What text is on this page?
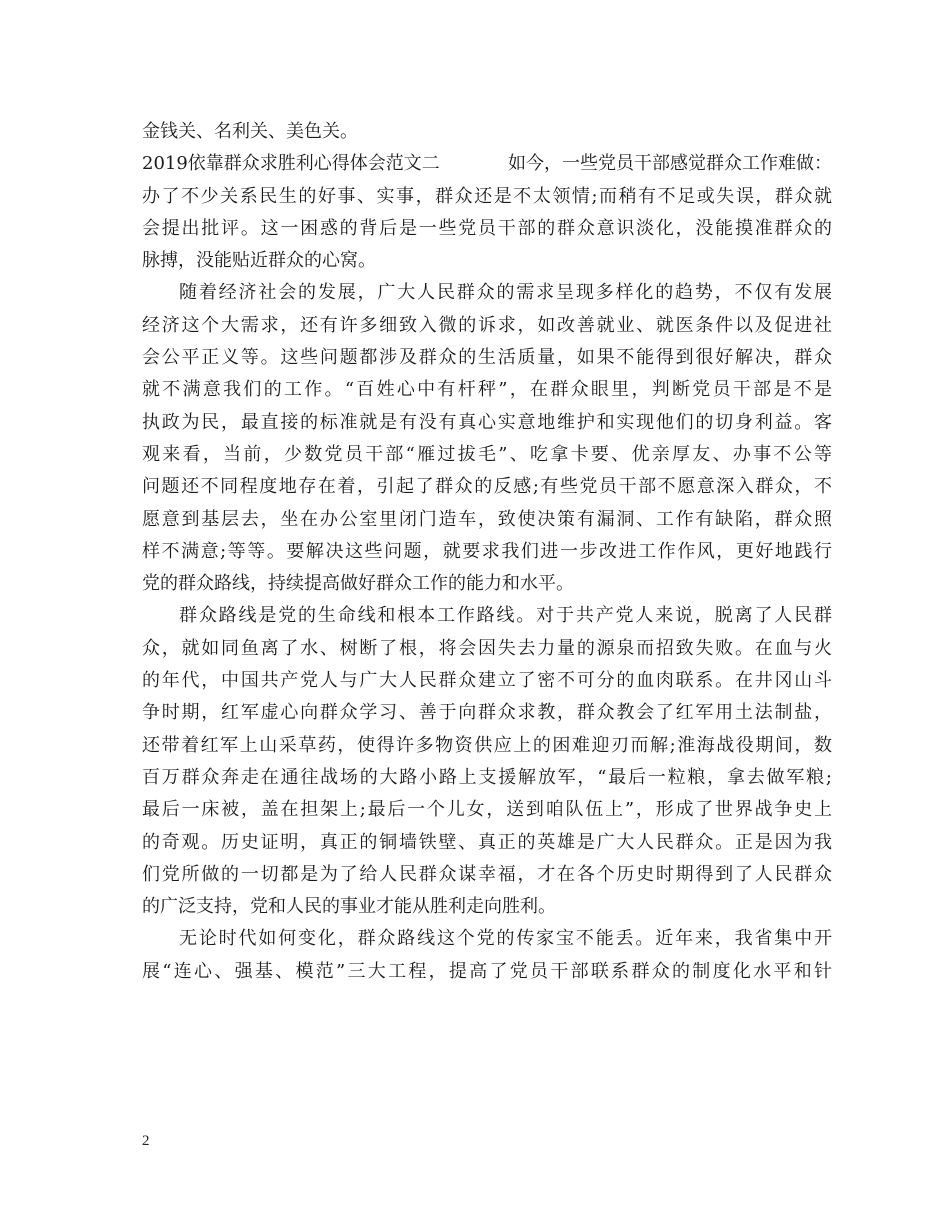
金钱关、名利关、美色关。
2019依靠群众求胜利心得体会范文二	如今，一些党员干部感觉群众工作难做：
办了不少关系民生的好事、实事，群众还是不太领情;而稍有不足或失误，群众就
会提出批评。这一困惑的背后是一些党员干部的群众意识淡化，没能摸准群众的
脉搏，没能贴近群众的心窝。
随着经济社会的发展，广大人民群众的需求呈现多样化的趋势，不仅有发展
经济这个大需求，还有许多细致入微的诉求，如改善就业、就医条件以及促进社
会公平正义等。这些问题都涉及群众的生活质量，如果不能得到很好解决，群众
就不满意我们的工作。“百姓心中有杆秤”，在群众眼里，判断党员干部是不是
执政为民，最直接的标准就是有没有真心实意地维护和实现他们的切身利益。客
观来看，当前，少数党员干部“雁过拔毛”、吃拿卡要、优亲厚友、办事不公等
问题还不同程度地存在着，引起了群众的反感;有些党员干部不愿意深入群众，不
愿意到基层去，坐在办公室里闭门造车，致使决策有漏洞、工作有缺陷，群众照
样不满意;等等。要解决这些问题，就要求我们进一步改进工作作风，更好地践行
党的群众路线，持续提高做好群众工作的能力和水平。
群众路线是党的生命线和根本工作路线。对于共产党人来说，脱离了人民群
众，就如同鱼离了水、树断了根，将会因失去力量的源泉而招致失败。在血与火
的年代，中国共产党人与广大人民群众建立了密不可分的血肉联系。在井冈山斗
争时期，红军虚心向群众学习、善于向群众求教，群众教会了红军用土法制盐，
还带着红军上山采草药，使得许多物资供应上的困难迎刃而解;淮海战役期间，数
百万群众奔走在通往战场的大路小路上支援解放军，“最后一粒粮，拿去做军粮;
最后一床被，盖在担架上;最后一个儿女，送到咱队伍上”，形成了世界战争史上
的奇观。历史证明，真正的铜墙铁壁、真正的英雄是广大人民群众。正是因为我
们党所做的一切都是为了给人民群众谋幸福，才在各个历史时期得到了人民群众
的广泛支持，党和人民的事业才能从胜利走向胜利。
无论时代如何变化，群众路线这个党的传家宝不能丢。近年来，我省集中开
展“连心、强基、模范”三大工程，提高了党员干部联系群众的制度化水平和针
2
